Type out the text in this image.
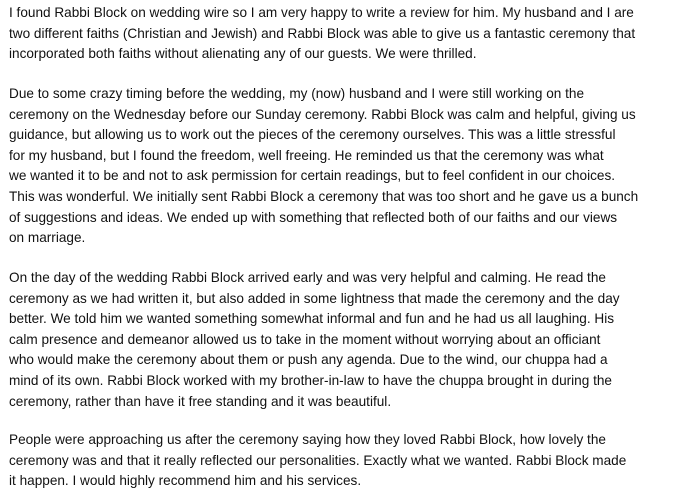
I found Rabbi Block on wedding wire so I am very happy to write a review for him. My husband and I are
two different faiths (Christian and Jewish) and Rabbi Block was able to give us a fantastic ceremony that
incorporated both faiths without alienating any of our guests. We were thrilled.
Due to some crazy timing before the wedding, my (now) husband and I were still working on the
ceremony on the Wednesday before our Sunday ceremony. Rabbi Block was calm and helpful, giving us
guidance, but allowing us to work out the pieces of the ceremony ourselves. This was a little stressful
for my husband, but I found the freedom, well freeing. He reminded us that the ceremony was what
we wanted it to be and not to ask permission for certain readings, but to feel confident in our choices.
This was wonderful. We initially sent Rabbi Block a ceremony that was too short and he gave us a bunch
of suggestions and ideas. We ended up with something that reflected both of our faiths and our views
on marriage.
On the day of the wedding Rabbi Block arrived early and was very helpful and calming. He read the
ceremony as we had written it, but also added in some lightness that made the ceremony and the day
better. We told him we wanted something somewhat informal and fun and he had us all laughing. His
calm presence and demeanor allowed us to take in the moment without worrying about an officiant
who would make the ceremony about them or push any agenda. Due to the wind, our chuppa had a
mind of its own. Rabbi Block worked with my brother-in-law to have the chuppa brought in during the
ceremony, rather than have it free standing and it was beautiful.
People were approaching us after the ceremony saying how they loved Rabbi Block, how lovely the
ceremony was and that it really reflected our personalities. Exactly what we wanted. Rabbi Block made
it happen. I would highly recommend him and his services.
